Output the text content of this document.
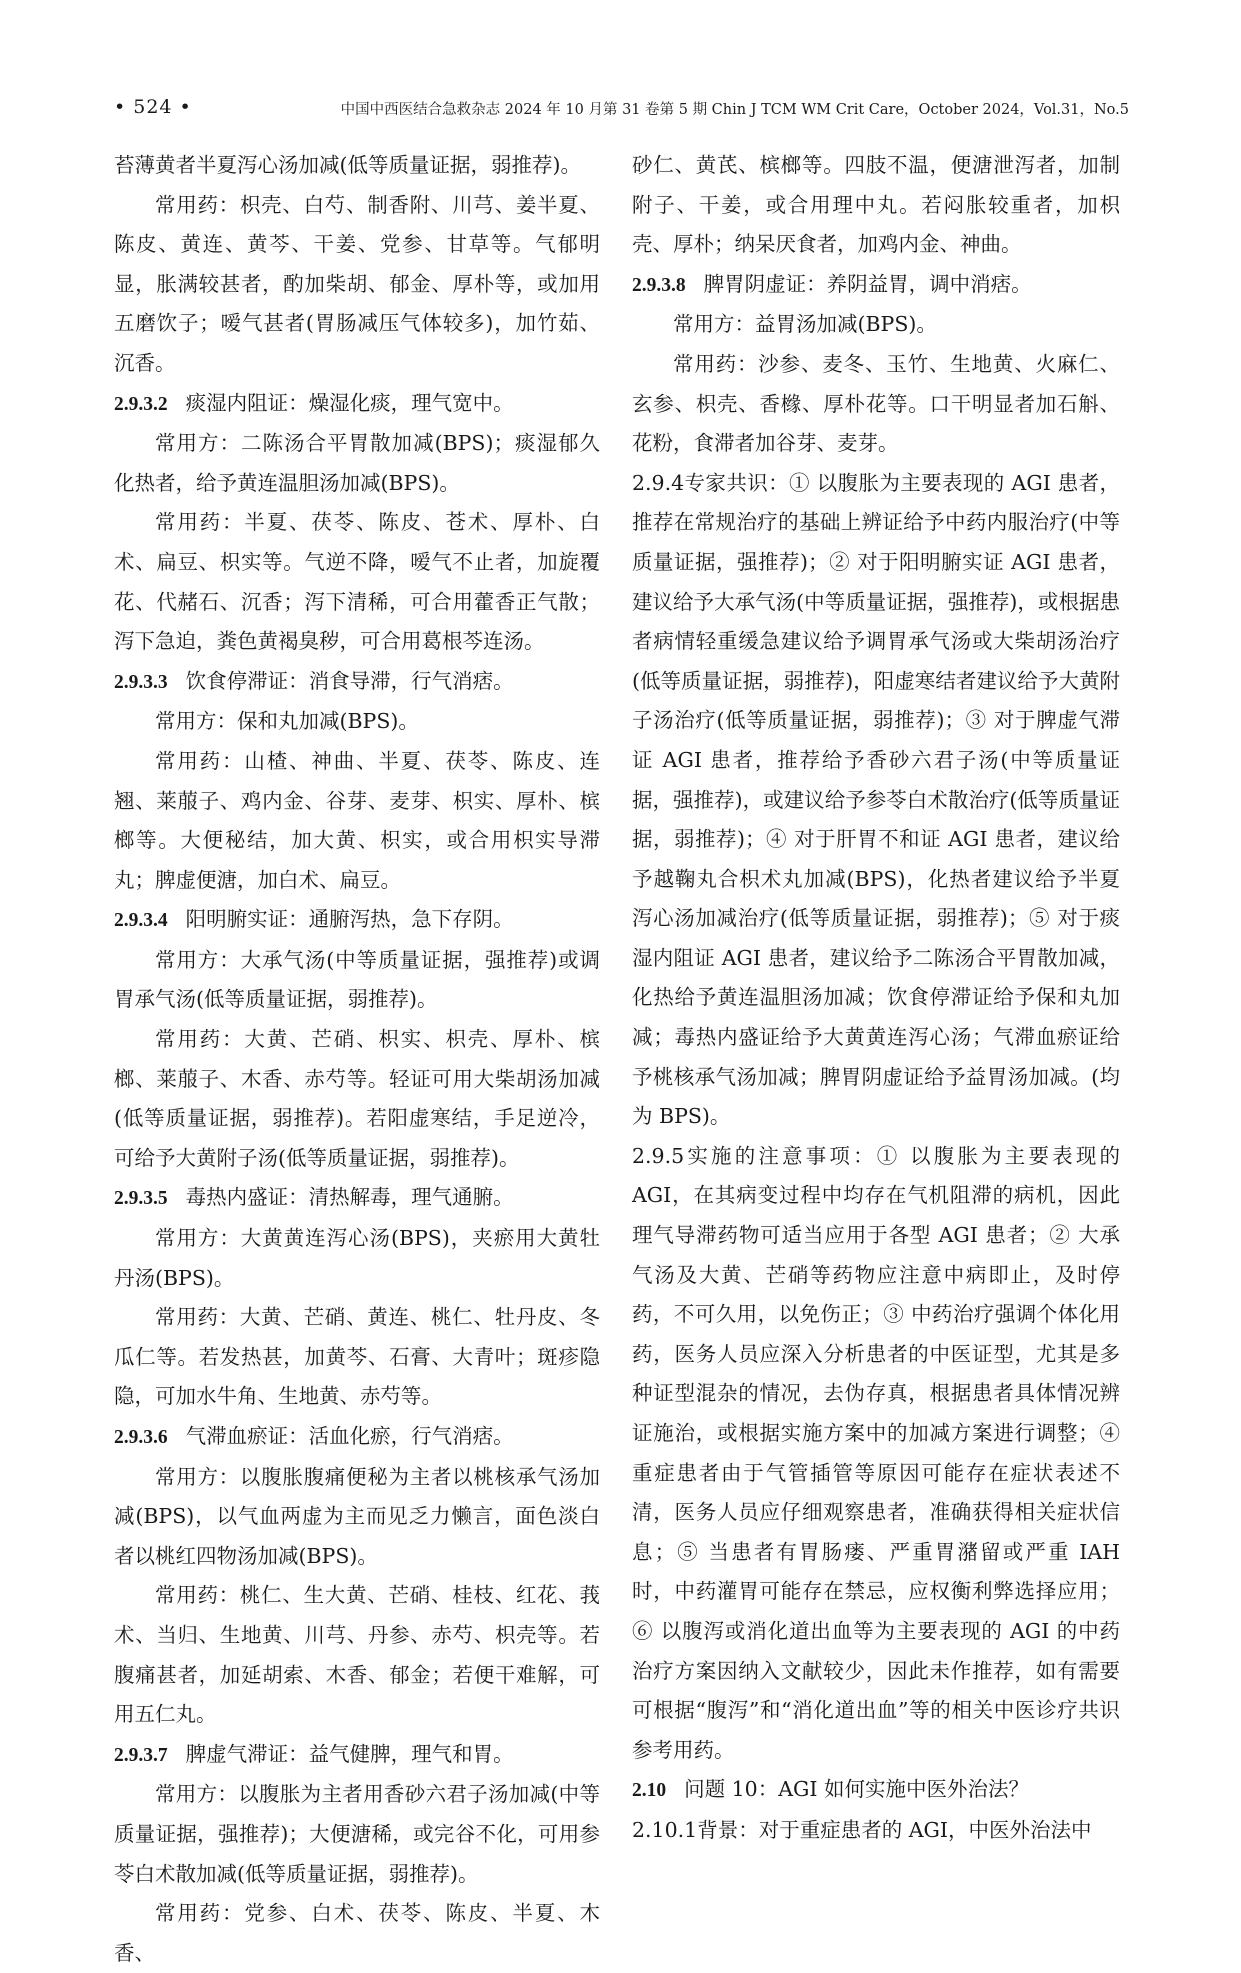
• 524 •	中国中西医结合急救杂志 2024 年 10 月第 31 卷第 5 期 Chin J TCM WM Crit Care，October 2024，Vol.31，No.5
苔薄黄者半夏泻心汤加减(低等质量证据，弱推荐)。
常用药：枳壳、白芍、制香附、川芎、姜半夏、陈皮、黄连、黄芩、干姜、党参、甘草等。气郁明显，胀满较甚者，酌加柴胡、郁金、厚朴等，或加用五磨饮子；嗳气甚者(胃肠减压气体较多)，加竹茹、沉香。
2.9.3.2 痰湿内阻证：燥湿化痰，理气宽中。
常用方：二陈汤合平胃散加减(BPS)；痰湿郁久化热者，给予黄连温胆汤加减(BPS)。
常用药：半夏、茯苓、陈皮、苍术、厚朴、白术、扁豆、枳实等。气逆不降，嗳气不止者，加旋覆花、代赭石、沉香；泻下清稀，可合用藿香正气散；泻下急迫，粪色黄褐臭秽，可合用葛根芩连汤。
2.9.3.3 饮食停滞证：消食导滞，行气消痞。
常用方：保和丸加减(BPS)。
常用药：山楂、神曲、半夏、茯苓、陈皮、连翘、莱菔子、鸡内金、谷芽、麦芽、枳实、厚朴、槟榔等。大便秘结，加大黄、枳实，或合用枳实导滞丸；脾虚便溏，加白术、扁豆。
2.9.3.4 阳明腑实证：通腑泻热，急下存阴。
常用方：大承气汤(中等质量证据，强推荐)或调胃承气汤(低等质量证据，弱推荐)。
常用药：大黄、芒硝、枳实、枳壳、厚朴、槟榔、莱菔子、木香、赤芍等。轻证可用大柴胡汤加减(低等质量证据，弱推荐)。若阳虚寒结，手足逆冷，可给予大黄附子汤(低等质量证据，弱推荐)。
2.9.3.5 毒热内盛证：清热解毒，理气通腑。
常用方：大黄黄连泻心汤(BPS)，夹瘀用大黄牡丹汤(BPS)。
常用药：大黄、芒硝、黄连、桃仁、牡丹皮、冬瓜仁等。若发热甚，加黄芩、石膏、大青叶；斑疹隐隐，可加水牛角、生地黄、赤芍等。
2.9.3.6 气滞血瘀证：活血化瘀，行气消痞。
常用方：以腹胀腹痛便秘为主者以桃核承气汤加减(BPS)，以气血两虚为主而见乏力懒言，面色淡白者以桃红四物汤加减(BPS)。
常用药：桃仁、生大黄、芒硝、桂枝、红花、莪术、当归、生地黄、川芎、丹参、赤芍、枳壳等。若腹痛甚者，加延胡索、木香、郁金；若便干难解，可用五仁丸。
2.9.3.7 脾虚气滞证：益气健脾，理气和胃。
常用方：以腹胀为主者用香砂六君子汤加减(中等质量证据，强推荐)；大便溏稀，或完谷不化，可用参苓白术散加减(低等质量证据，弱推荐)。
常用药：党参、白术、茯苓、陈皮、半夏、木香、
砂仁、黄芪、槟榔等。四肢不温，便溏泄泻者，加制附子、干姜，或合用理中丸。若闷胀较重者，加枳壳、厚朴；纳呆厌食者，加鸡内金、神曲。
2.9.3.8 脾胃阴虚证：养阴益胃，调中消痞。
常用方：益胃汤加减(BPS)。
常用药：沙参、麦冬、玉竹、生地黄、火麻仁、玄参、枳壳、香橼、厚朴花等。口干明显者加石斛、花粉，食滞者加谷芽、麦芽。
2.9.4专家共识：① 以腹胀为主要表现的 AGI 患者，推荐在常规治疗的基础上辨证给予中药内服治疗(中等质量证据，强推荐)；② 对于阳明腑实证 AGI 患者，建议给予大承气汤(中等质量证据，强推荐)，或根据患者病情轻重缓急建议给予调胃承气汤或大柴胡汤治疗(低等质量证据，弱推荐)，阳虚寒结者建议给予大黄附子汤治疗(低等质量证据，弱推荐)；③ 对于脾虚气滞证 AGI 患者，推荐给予香砂六君子汤(中等质量证据，强推荐)，或建议给予参苓白术散治疗(低等质量证据，弱推荐)；④ 对于肝胃不和证 AGI 患者，建议给予越鞠丸合枳术丸加减(BPS)，化热者建议给予半夏泻心汤加减治疗(低等质量证据，弱推荐)；⑤ 对于痰湿内阻证 AGI 患者，建议给予二陈汤合平胃散加减，化热给予黄连温胆汤加减；饮食停滞证给予保和丸加减；毒热内盛证给予大黄黄连泻心汤；气滞血瘀证给予桃核承气汤加减；脾胃阴虚证给予益胃汤加减。(均为 BPS)。
2.9.5实施的注意事项：① 以腹胀为主要表现的 AGI，在其病变过程中均存在气机阻滞的病机，因此理气导滞药物可适当应用于各型 AGI 患者；② 大承气汤及大黄、芒硝等药物应注意中病即止，及时停药，不可久用，以免伤正；③ 中药治疗强调个体化用药，医务人员应深入分析患者的中医证型，尤其是多种证型混杂的情况，去伪存真，根据患者具体情况辨证施治，或根据实施方案中的加减方案进行调整；④ 重症患者由于气管插管等原因可能存在症状表述不清，医务人员应仔细观察患者，准确获得相关症状信息；⑤ 当患者有胃肠瘘、严重胃潴留或严重 IAH 时，中药灌胃可能存在禁忌，应权衡利弊选择应用；⑥ 以腹泻或消化道出血等为主要表现的 AGI 的中药治疗方案因纳入文献较少，因此未作推荐，如有需要可根据“腹泻”和“消化道出血”等的相关中医诊疗共识参考用药。
2.10 问题 10：AGI 如何实施中医外治法？
2.10.1背景：对于重症患者的 AGI，中医外治法中
